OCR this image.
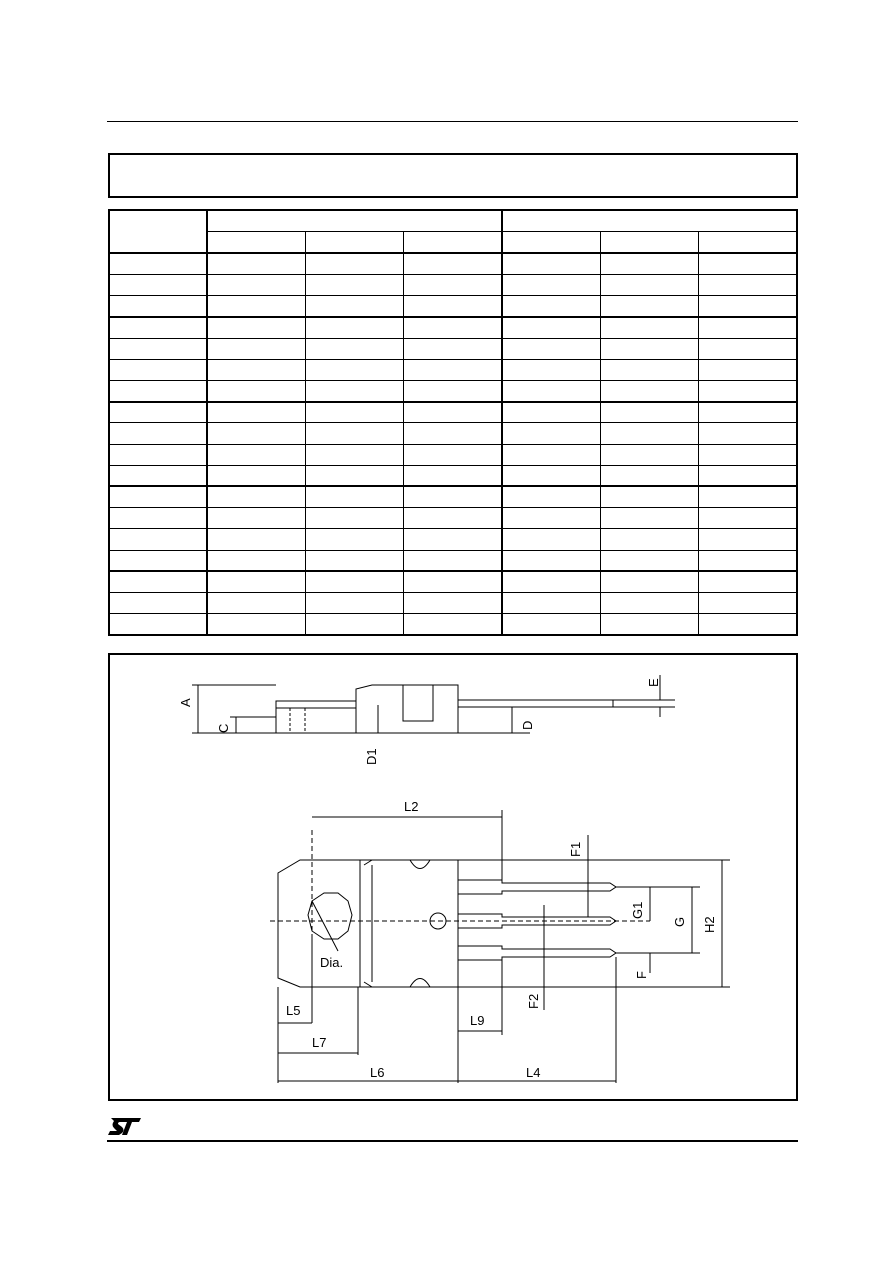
A
C	D
D1
E
L2
F1
G1
G H2
F
F2
Dia.
L5
L7
L9
L6	L4
